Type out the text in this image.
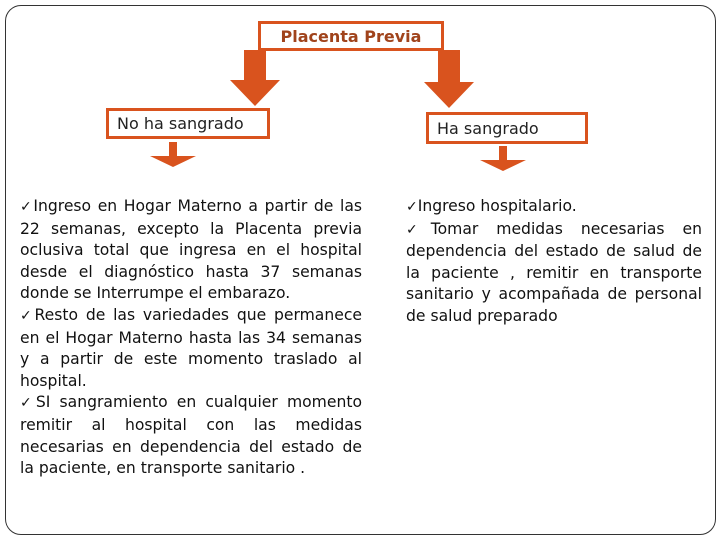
Placenta Previa
No ha sangrado	Ha sangrado

✓Ingreso en Hogar Materno a partir de las 22 semanas, excepto la Placenta previa oclusiva total que ingresa en el hospital desde el diagnóstico hasta 37 semanas donde se Interrumpe el embarazo.

✓Resto de las variedades que permanece en el Hogar Materno hasta las 34 semanas y a partir de este momento traslado al hospital.

✓SI sangramiento en cualquier momento remitir al hospital con las medidas necesarias en dependencia del estado de la paciente, en transporte sanitario .

✓Ingreso hospitalario.

✓Tomar medidas necesarias en dependencia del estado de salud de la paciente , remitir en transporte sanitario y acompañada de personal de salud preparado
